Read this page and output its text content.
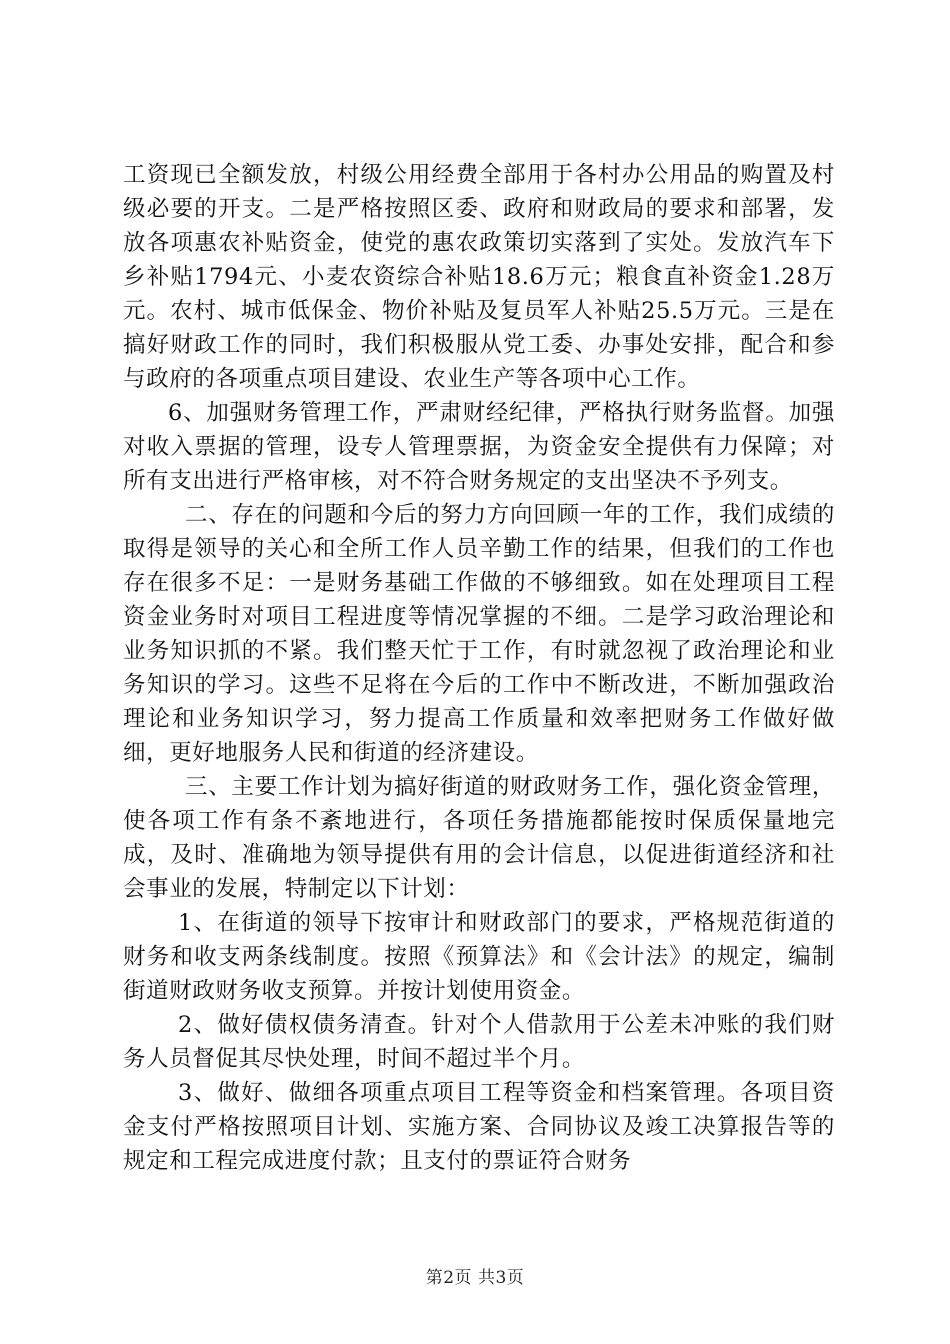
工资现已全额发放，村级公用经费全部用于各村办公用品的购置及村级必要的开支。二是严格按照区委、政府和财政局的要求和部署，发放各项惠农补贴资金，使党的惠农政策切实落到了实处。发放汽车下乡补贴1794元、小麦农资综合补贴18.6万元；粮食直补资金1.28万元。农村、城市低保金、物价补贴及复员军人补贴25.5万元。三是在搞好财政工作的同时，我们积极服从党工委、办事处安排，配合和参与政府的各项重点项目建设、农业生产等各项中心工作。

6、加强财务管理工作，严肃财经纪律，严格执行财务监督。加强对收入票据的管理，设专人管理票据，为资金安全提供有力保障；对所有支出进行严格审核，对不符合财务规定的支出坚决不予列支。

二、存在的问题和今后的努力方向回顾一年的工作，我们成绩的取得是领导的关心和全所工作人员辛勤工作的结果，但我们的工作也存在很多不足：一是财务基础工作做的不够细致。如在处理项目工程资金业务时对项目工程进度等情况掌握的不细。二是学习政治理论和业务知识抓的不紧。我们整天忙于工作，有时就忽视了政治理论和业务知识的学习。这些不足将在今后的工作中不断改进，不断加强政治理论和业务知识学习，努力提高工作质量和效率把财务工作做好做细，更好地服务人民和街道的经济建设。

三、主要工作计划为搞好街道的财政财务工作，强化资金管理，使各项工作有条不紊地进行，各项任务措施都能按时保质保量地完成，及时、准确地为领导提供有用的会计信息，以促进街道经济和社会事业的发展，特制定以下计划：

1、在街道的领导下按审计和财政部门的要求，严格规范街道的财务和收支两条线制度。按照《预算法》和《会计法》的规定，编制街道财政财务收支预算。并按计划使用资金。

2、做好债权债务清查。针对个人借款用于公差未冲账的我们财务人员督促其尽快处理，时间不超过半个月。

3、做好、做细各项重点项目工程等资金和档案管理。各项目资金支付严格按照项目计划、实施方案、合同协议及竣工决算报告等的规定和工程完成进度付款；且支付的票证符合财务

第2页 共3页
